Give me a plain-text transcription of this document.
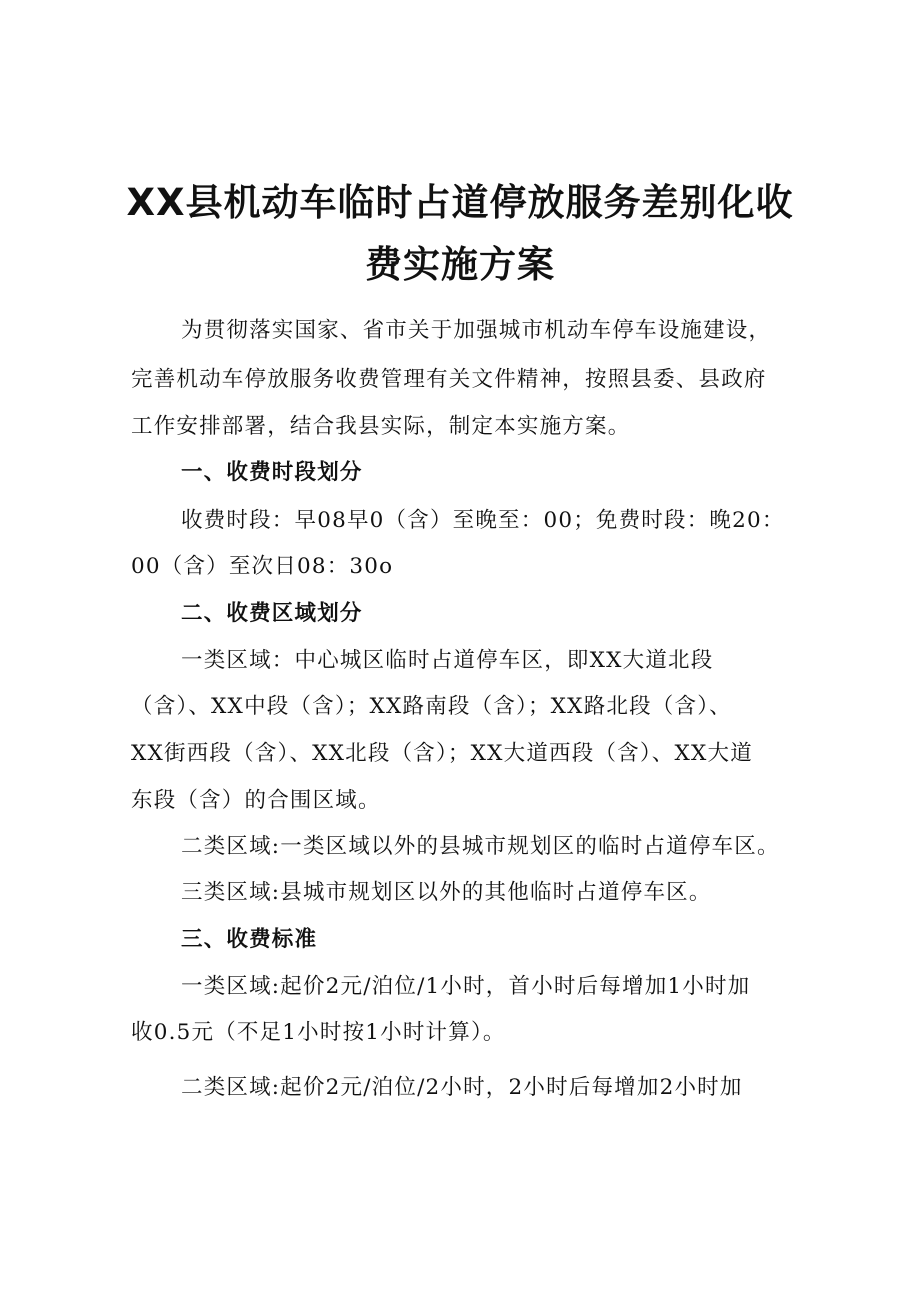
XX县机动车临时占道停放服务差别化收
费实施方案

为贯彻落实国家、省市关于加强城市机动车停车设施建设，

完善机动车停放服务收费管理有关文件精神，按照县委、县政府

工作安排部署，结合我县实际，制定本实施方案。

一、收费时段划分

收费时段：早08早0（含）至晚至：00；免费时段：晚20：

00（含）至次日08：30o

二、收费区域划分

一类区域：中心城区临时占道停车区，即XX大道北段

（含）、XX中段（含）；XX路南段（含）；XX路北段（含）、

XX街西段（含）、XX北段（含）；XX大道西段（含）、XX大道

东段（含）的合围区域。

二类区域:一类区域以外的县城市规划区的临时占道停车区。

三类区域:县城市规划区以外的其他临时占道停车区。

三、收费标准

一类区域:起价2元/泊位/1小时，首小时后每增加1小时加

收0.5元（不足1小时按1小时计算）。

二类区域:起价2元/泊位/2小时，2小时后每增加2小时加
